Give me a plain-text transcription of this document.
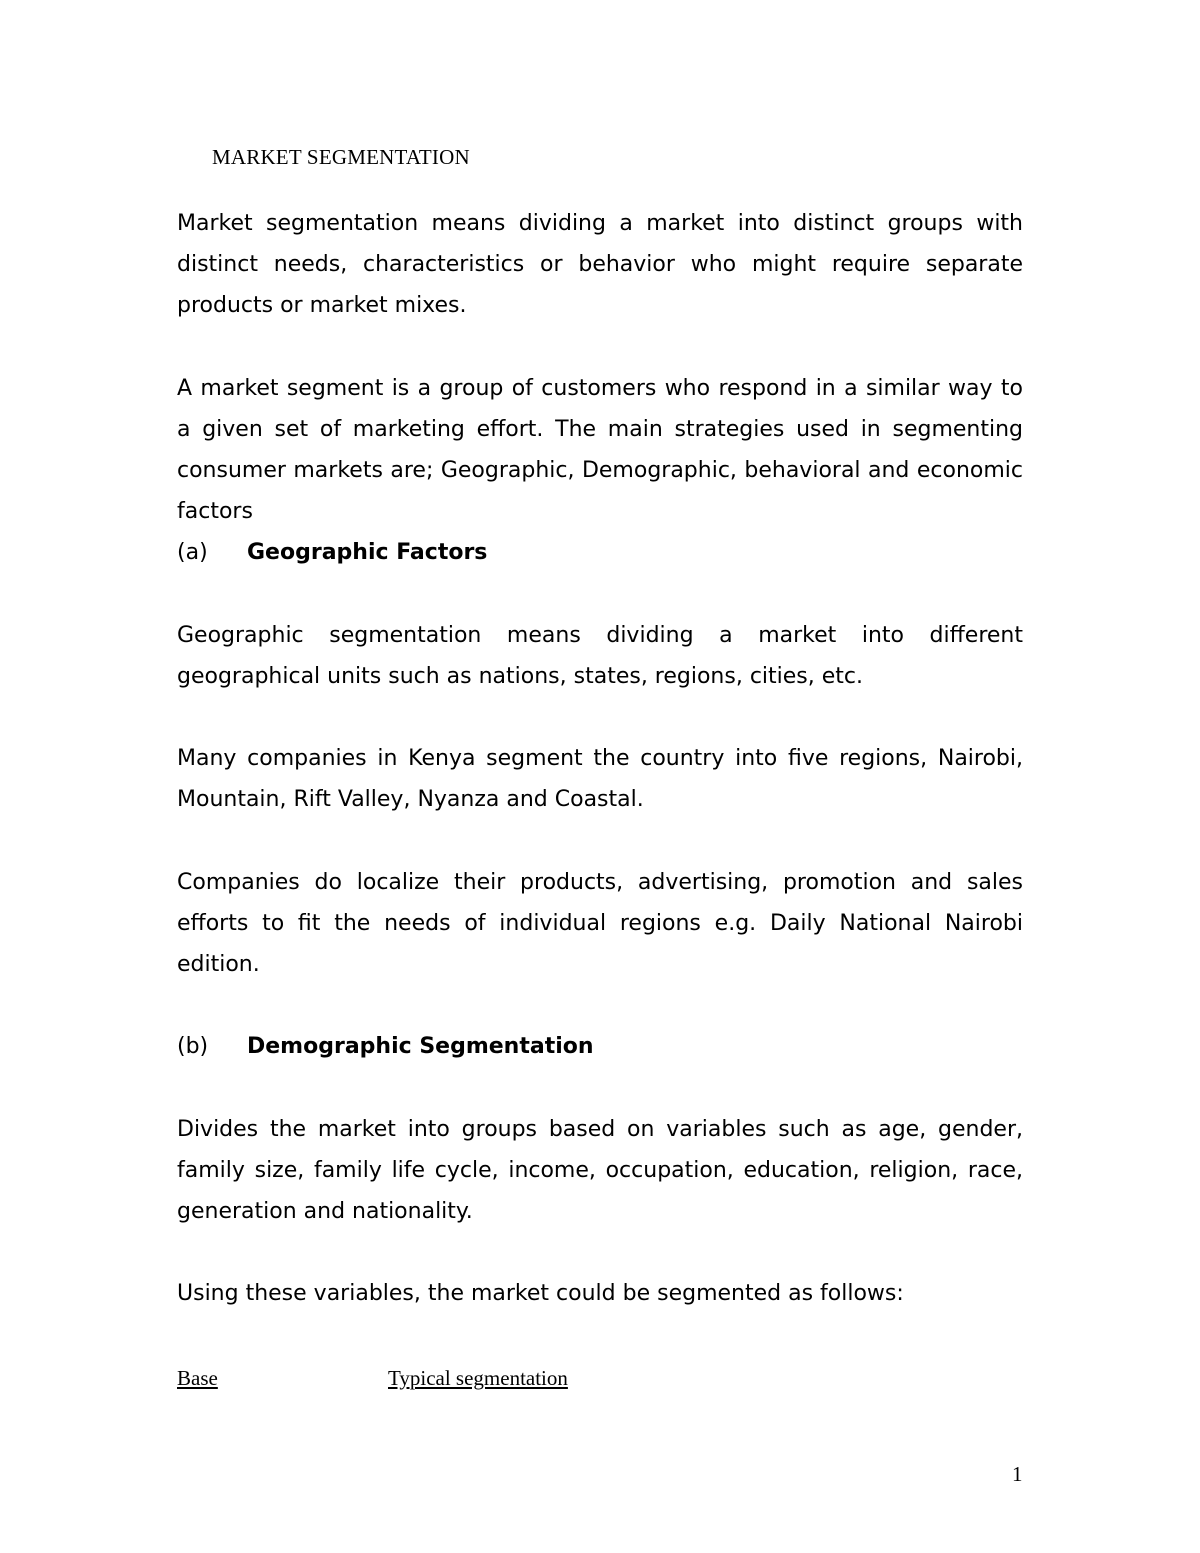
MARKET SEGMENTATION

Market segmentation means dividing a market into distinct groups with distinct needs, characteristics or behavior who might require separate products or market mixes.

A market segment is a group of customers who respond in a similar way to a given set of marketing effort. The main strategies used in segmenting consumer markets are; Geographic, Demographic, behavioral and economic factors

(a) Geographic Factors

Geographic segmentation means dividing a market into different geographical units such as nations, states, regions, cities, etc.

Many companies in Kenya segment the country into five regions, Nairobi, Mountain, Rift Valley, Nyanza and Coastal.

Companies do localize their products, advertising, promotion and sales efforts to fit the needs of individual regions e.g. Daily National Nairobi edition.

(b) Demographic Segmentation

Divides the market into groups based on variables such as age, gender, family size, family life cycle, income, occupation, education, religion, race, generation and nationality.

Using these variables, the market could be segmented as follows:

Base	Typical segmentation
1
